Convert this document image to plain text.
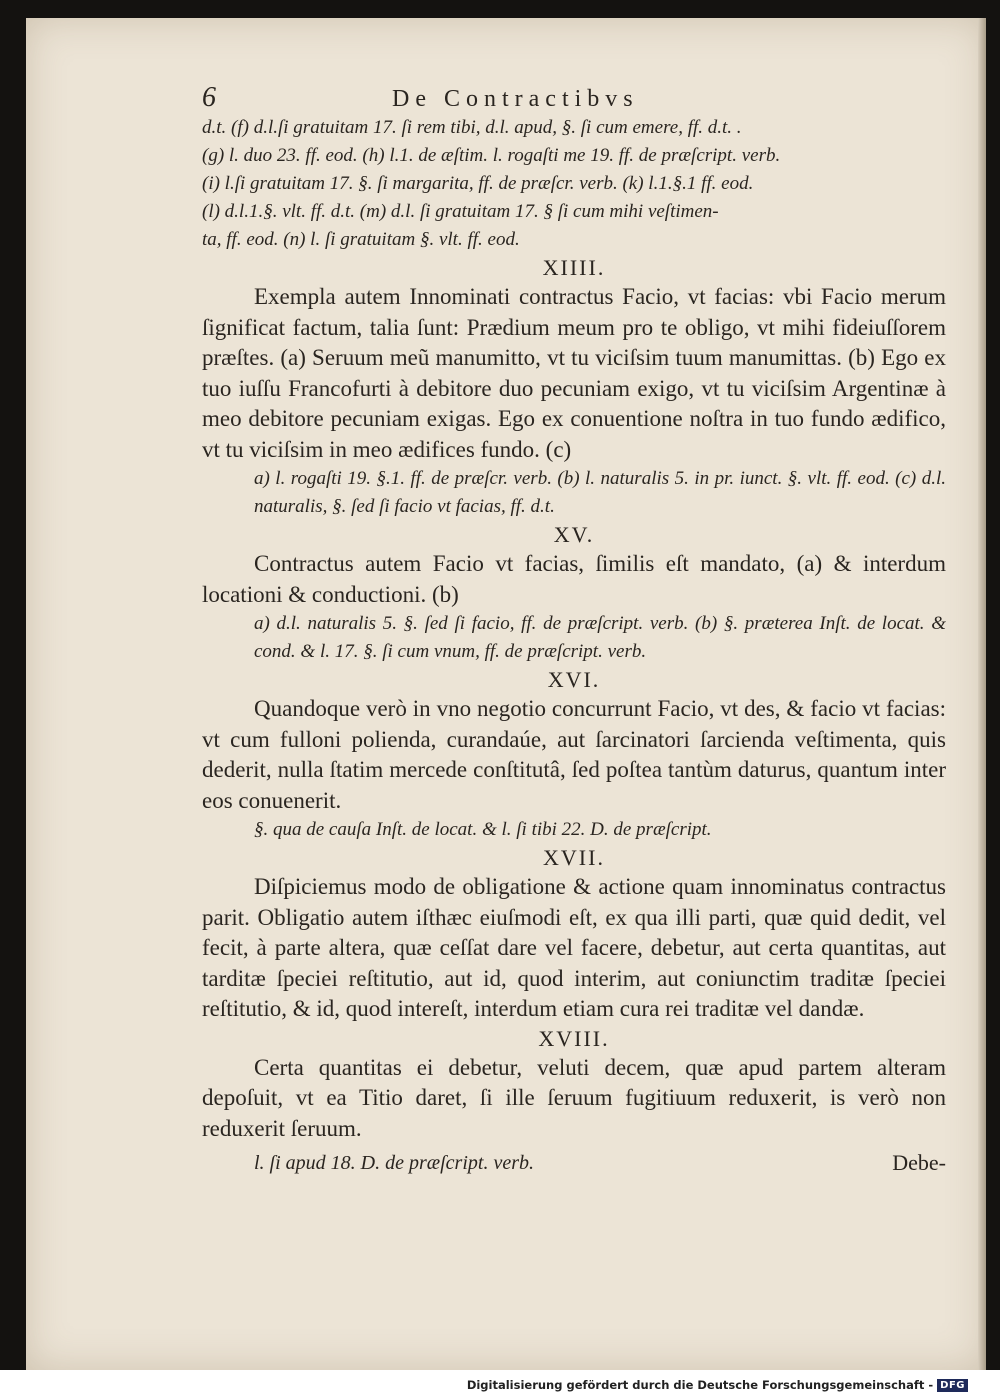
6	De Contractibvs

d.t. (f) d.l.ſi gratuitam 17. ſi rem tibi, d.l. apud, §. ſi cum emere, ff. d.t. .

(g) l. duo 23. ff. eod. (h) l.1. de æſtim. l. rogaſti me 19. ff. de præſcript. verb.

(i) l.ſi gratuitam 17. §. ſi margarita, ff. de præſcr. verb. (k) l.1.§.1 ff. eod.

(l) d.l.1.§. vlt. ff. d.t. (m) d.l. ſi gratuitam 17. § ſi cum mihi veſtimen-

ta, ff. eod. (n) l. ſi gratuitam §. vlt. ff. eod.

XIIII.

Exempla autem Innominati contractus Facio, vt facias: vbi Facio merum ſignificat factum, talia ſunt: Prædium meum pro te obligo, vt mihi fideiuſſorem præſtes. (a) Seruum meũ manumitto, vt tu viciſsim tuum manumittas. (b) Ego ex tuo iuſſu Francofurti à debitore duo pecuniam exigo, vt tu viciſsim Argentinæ à meo debitore pecuniam exigas. Ego ex conuentione noſtra in tuo fundo ædifico, vt tu viciſsim in meo ædifices fundo. (c)

a) l. rogaſti 19. §.1. ff. de præſcr. verb. (b) l. naturalis 5. in pr. iunct. §. vlt. ff. eod. (c) d.l. naturalis, §. ſed ſi facio vt facias, ff. d.t.

XV.

Contractus autem Facio vt facias, ſimilis eſt mandato, (a) & interdum locationi & conductioni. (b)

a) d.l. naturalis 5. §. ſed ſi facio, ff. de præſcript. verb. (b) §. præterea Inſt. de locat. & cond. & l. 17. §. ſi cum vnum, ff. de præſcript. verb.

XVI.

Quandoque verò in vno negotio concurrunt Facio, vt des, & facio vt facias: vt cum fulloni polienda, curandaúe, aut ſarcinatori ſarcienda veſtimenta, quis dederit, nulla ſtatim mercede conſtitutâ, ſed poſtea tantùm daturus, quantum inter eos conuenerit.

§. qua de cauſa Inſt. de locat. & l. ſi tibi 22. D. de præſcript.

XVII.

Diſpiciemus modo de obligatione & actione quam innominatus contractus parit. Obligatio autem iſthæc eiuſmodi eſt, ex qua illi parti, quæ quid dedit, vel fecit, à parte altera, quæ ceſſat dare vel facere, debetur, aut certa quantitas, aut tarditæ ſpeciei reſtitutio, aut id, quod interim, aut coniunctim traditæ ſpeciei reſtitutio, & id, quod intereſt, interdum etiam cura rei traditæ vel dandæ.

XVIII.

Certa quantitas ei debetur, veluti decem, quæ apud partem alteram depoſuit, vt ea Titio daret, ſi ille ſeruum fugitiuum reduxerit, is verò non reduxerit ſeruum.

l. ſi apud 18. D. de præſcript. verb.	Debe-
Digitalisierung gefördert durch die Deutsche Forschungsgemeinschaft - DFG
